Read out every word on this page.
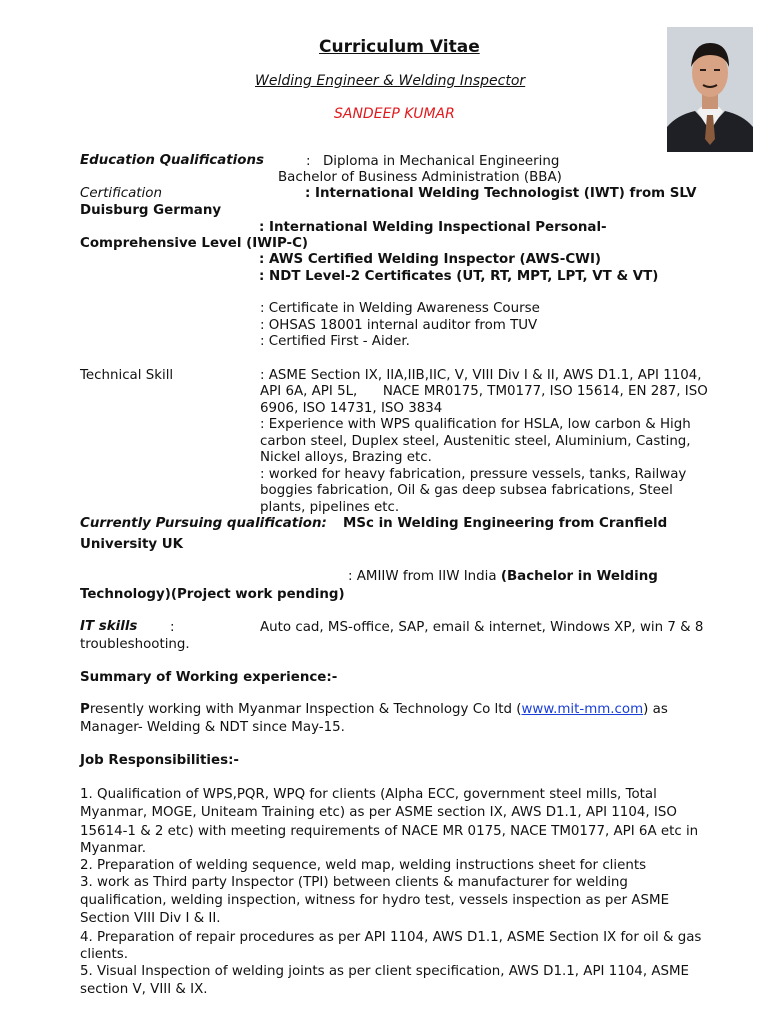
Curriculum Vitae
Welding Engineer & Welding Inspector
SANDEEP KUMAR
Education Qualifications	: Diploma in Mechanical Engineering
Bachelor of Business Administration (BBA)
Certification	: International Welding Technologist (IWT) from SLV
Duisburg Germany
: International Welding Inspectional Personal-
Comprehensive Level (IWIP-C)
: AWS Certified Welding Inspector (AWS-CWI)
: NDT Level-2 Certificates (UT, RT, MPT, LPT, VT & VT)
: Certificate in Welding Awareness Course
: OHSAS 18001 internal auditor from TUV
: Certified First - Aider.
Technical Skill	: ASME Section IX, IIA,IIB,IIC, V, VIII Div I & II, AWS D1.1, API 1104,
API 6A, API 5L,      NACE MR0175, TM0177, ISO 15614, EN 287, ISO
6906, ISO 14731, ISO 3834
: Experience with WPS qualification for HSLA, low carbon & High
carbon steel, Duplex steel, Austenitic steel, Aluminium, Casting,
Nickel alloys, Brazing etc.
: worked for heavy fabrication, pressure vessels, tanks, Railway
boggies fabrication, Oil & gas deep subsea fabrications, Steel
plants, pipelines etc.
Currently Pursuing qualification: MSc in Welding Engineering from Cranfield
University UK
: AMIIW from IIW India (Bachelor in Welding
Technology)(Project work pending)
IT skills :	Auto cad, MS-office, SAP, email & internet, Windows XP, win 7 & 8
troubleshooting.
Summary of Working experience:-
Presently working with Myanmar Inspection & Technology Co ltd (www.mit-mm.com) as
Manager- Welding & NDT since May-15.
Job Responsibilities:-
1. Qualification of WPS,PQR, WPQ for clients (Alpha ECC, government steel mills, Total
Myanmar, MOGE, Uniteam Training etc) as per ASME section IX, AWS D1.1, API 1104, ISO
15614-1 & 2 etc) with meeting requirements of NACE MR 0175, NACE TM0177, API 6A etc in
Myanmar.
2. Preparation of welding sequence, weld map, welding instructions sheet for clients
3. work as Third party Inspector (TPI) between clients & manufacturer for welding
qualification, welding inspection, witness for hydro test, vessels inspection as per ASME
Section VIII Div I & II.
4. Preparation of repair procedures as per API 1104, AWS D1.1, ASME Section IX for oil & gas
clients.
5. Visual Inspection of welding joints as per client specification, AWS D1.1, API 1104, ASME
section V, VIII & IX.
